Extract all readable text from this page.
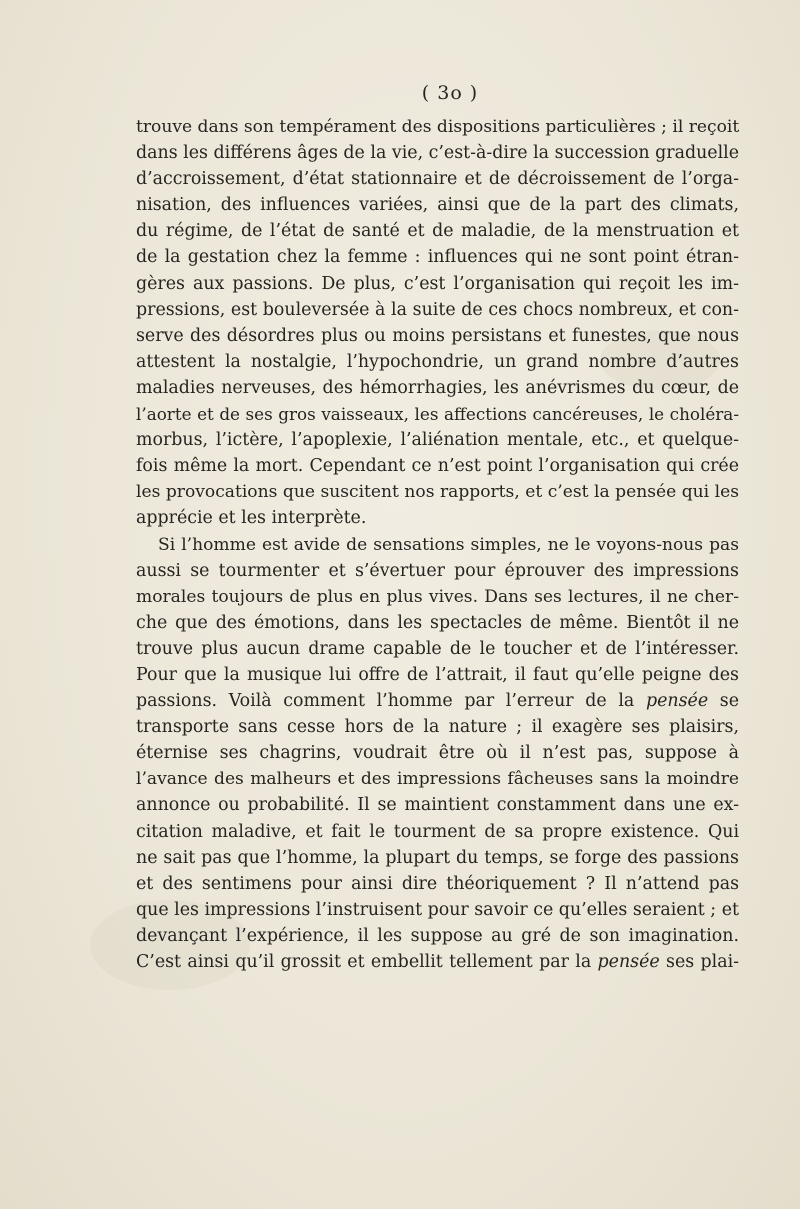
( 3o )
trouve dans son tempérament des dispositions particulières ; il reçoit
dans les différens âges de la vie, c’est-à-dire la succession graduelle
d’accroissement, d’état stationnaire et de décroissement de l’orga-
nisation, des influences variées, ainsi que de la part des climats,
du régime, de l’état de santé et de maladie, de la menstruation et
de la gestation chez la femme : influences qui ne sont point étran-
gères aux passions. De plus, c’est l’organisation qui reçoit les im-
pressions, est bouleversée à la suite de ces chocs nombreux, et con-
serve des désordres plus ou moins persistans et funestes, que nous
attestent la nostalgie, l’hypochondrie, un grand nombre d’autres
maladies nerveuses, des hémorrhagies, les anévrismes du cœur, de
l’aorte et de ses gros vaisseaux, les affections cancéreuses, le choléra-
morbus, l’ictère, l’apoplexie, l’aliénation mentale, etc., et quelque-
fois même la mort. Cependant ce n’est point l’organisation qui crée
les provocations que suscitent nos rapports, et c’est la pensée qui les
apprécie et les interprète.
Si l’homme est avide de sensations simples, ne le voyons-nous pas
aussi se tourmenter et s’évertuer pour éprouver des impressions
morales toujours de plus en plus vives. Dans ses lectures, il ne cher-
che que des émotions, dans les spectacles de même. Bientôt il ne
trouve plus aucun drame capable de le toucher et de l’intéresser.
Pour que la musique lui offre de l’attrait, il faut qu’elle peigne des
passions. Voilà comment l’homme par l’erreur de la pensée se
transporte sans cesse hors de la nature ; il exagère ses plaisirs,
éternise ses chagrins, voudrait être où il n’est pas, suppose à
l’avance des malheurs et des impressions fâcheuses sans la moindre
annonce ou probabilité. Il se maintient constamment dans une ex-
citation maladive, et fait le tourment de sa propre existence. Qui
ne sait pas que l’homme, la plupart du temps, se forge des passions
et des sentimens pour ainsi dire théoriquement ? Il n’attend pas
que les impressions l’instruisent pour savoir ce qu’elles seraient ; et
devançant l’expérience, il les suppose au gré de son imagination.
C’est ainsi qu’il grossit et embellit tellement par la pensée ses plai-
